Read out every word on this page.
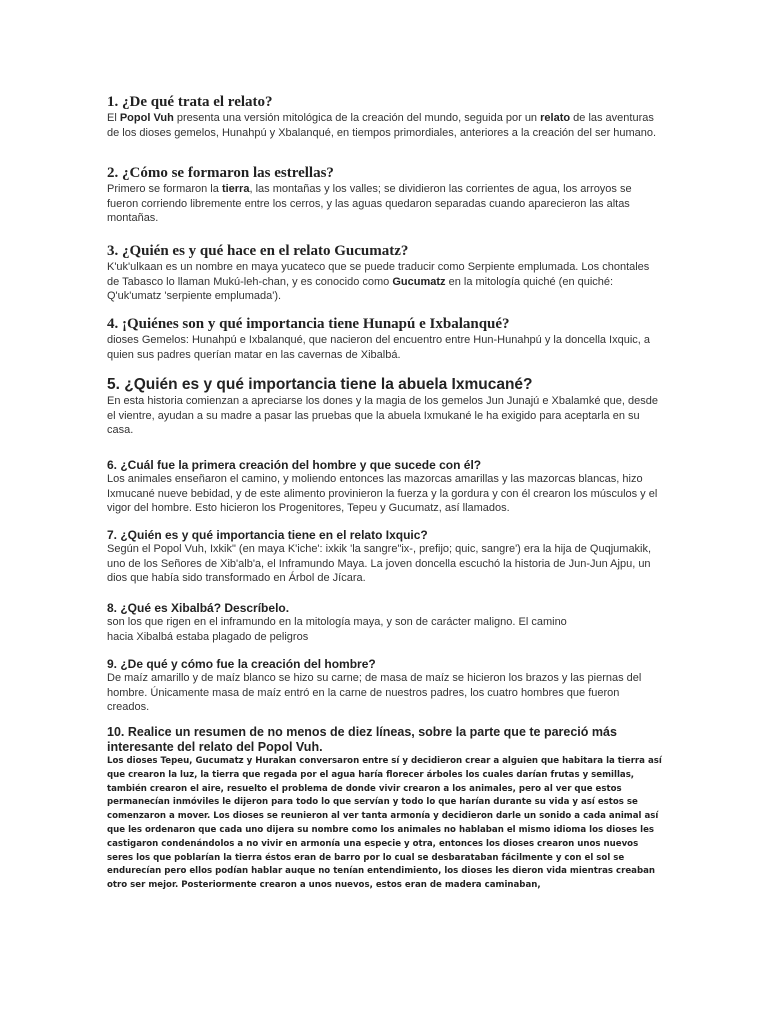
1. ¿De qué trata el relato?

El Popol Vuh presenta una versión mitológica de la creación del mundo, seguida por un relato de las aventuras de los dioses gemelos, Hunahpú y Xbalanqué, en tiempos primordiales, anteriores a la creación del ser humano.

2. ¿Cómo se formaron las estrellas?

Primero se formaron la tierra, las montañas y los valles; se dividieron las corrientes de agua, los arroyos se fueron corriendo libremente entre los cerros, y las aguas quedaron separadas cuando aparecieron las altas montañas.

3. ¿Quién es y qué hace en el relato Gucumatz?

K'uk'ulkaan es un nombre en maya yucateco que se puede traducir como Serpiente emplumada. Los chontales de Tabasco lo llaman Mukú-leh-chan, y es conocido como Gucumatz en la mitología quiché (en quiché: Q'uk'umatz 'serpiente emplumada').

4. ¡Quiénes son y qué importancia tiene Hunapú e Ixbalanqué?

dioses Gemelos: Hunahpú e Ixbalanqué, que nacieron del encuentro entre Hun-Hunahpú y la doncella Ixquic, a quien sus padres querían matar en las cavernas de Xibalbá.

5. ¿Quién es y qué importancia tiene la abuela Ixmucané?

En esta historia comienzan a apreciarse los dones y la magia de los gemelos Jun Junajú e Xbalamké que, desde el vientre, ayudan a su madre a pasar las pruebas que la abuela Ixmukané le ha exigido para aceptarla en su casa.

6. ¿Cuál fue la primera creación del hombre y que sucede con él?

Los animales enseñaron el camino, y moliendo entonces las mazorcas amarillas y las mazorcas blancas, hizo Ixmucané nueve bebidad, y de este alimento provinieron la fuerza y la gordura y con él crearon los músculos y el vigor del hombre. Esto hicieron los Progenitores, Tepeu y Gucumatz, así llamados.

7. ¿Quién es y qué importancia tiene en el relato Ixquic?

Según el Popol Vuh, Ixkik" (en maya K'iche': ixkik 'la sangre"ix-, prefijo; quic, sangre') era la hija de Quqjumakik, uno de los Señores de Xib'alb'a, el Inframundo Maya. La joven doncella escuchó la historia de Jun-Jun Ajpu, un dios que había sido transformado en Árbol de Jícara.

8. ¿Qué es Xibalbá? Descríbelo.

son los que rigen en el inframundo en la mitología maya, y son de carácter maligno. El camino

hacia Xibalbá estaba plagado de peligros

9. ¿De qué y cómo fue la creación del hombre?

De maíz amarillo y de maíz blanco se hizo su carne; de masa de maíz se hicieron los brazos y las piernas del hombre. Únicamente masa de maíz entró en la carne de nuestros padres, los cuatro hombres que fueron creados.

10. Realice un resumen de no menos de diez líneas, sobre la parte que te pareció más interesante del relato del Popol Vuh.

Los dioses Tepeu, Gucumatz y Hurakan conversaron entre sí y decidieron crear a alguien que habitara la tierra así que crearon la luz, la tierra que regada por el agua haría florecer árboles los cuales darían frutas y semillas, también crearon el aire, resuelto el problema de donde vivir crearon a los animales, pero al ver que estos permanecían inmóviles le dijeron para todo lo que servían y todo lo que harían durante su vida y así estos se comenzaron a mover. Los dioses se reunieron al ver tanta armonía y decidieron darle un sonido a cada animal así que les ordenaron que cada uno dijera su nombre como los animales no hablaban el mismo idioma los dioses les castigaron condenándolos a no vivir en armonía una especie y otra, entonces los dioses crearon unos nuevos seres los que poblarían la tierra éstos eran de barro por lo cual se desbarataban fácilmente y con el sol se endurecían pero ellos podían hablar auque no tenían entendimiento, los dioses les dieron vida mientras creaban otro ser mejor. Posteriormente crearon a unos nuevos, estos eran de madera caminaban,
